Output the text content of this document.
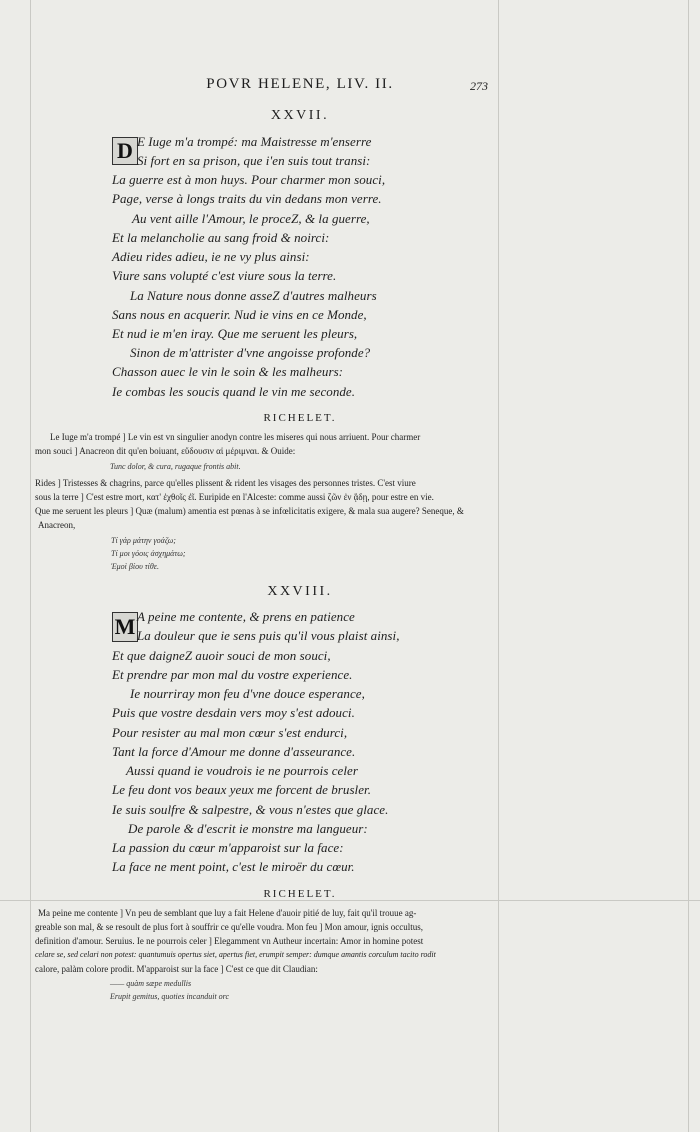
POVR HELENE, LIV. II.	273
XXVII.
D E Iuge m'a trompé: ma Maistresse m'enserre
Si fort en sa prison, que i'en suis tout transi:
La guerre est à mon huys. Pour charmer mon souci,
Page, verse à longs traits du vin dedans mon verre.
Au vent aille l'Amour, le proceZ, & la guerre,
Et la melancholie au sang froid & noirci:
Adieu rides adieu, ie ne vy plus ainsi:
Viure sans volupté c'est viure sous la terre.
La Nature nous donne asseZ d'autres malheurs
Sans nous en acquerir. Nud ie vins en ce Monde,
Et nud ie m'en iray. Que me seruent les pleurs,
Sinon de m'attrister d'vne angoisse profonde?
Chasson auec le vin le soin & les malheurs:
Ie combas les soucis quand le vin me seconde.
RICHELET.
Le Iuge m'a trompé ] Le vin est vn singulier anodyn contre les miseres qui nous arriuent. Pour charmer
mon souci ] Anacreon dit qu'en boiuant, εὕδουσιν αἱ μέριμναι. & Ouide:
Tunc dolor, & cura, rugaque frontis abit.
Rides ] Tristesses & chagrins, parce qu'elles plissent & rident les visages des personnes tristes. C'est viure
sous la terre ] C'est estre mort, κατ' ἐχθοῖς ἐῖ. Euripide en l'Alceste: comme aussi ζῶν ἐν ᾅδῃ, pour estre en vie.
Que me seruent les pleurs ] Quæ (malum) amentia est pœnas à se infœlicitatis exigere, & mala sua augere? Seneque, &
Anacreon,
Τί γάρ μάτην γοάζω;
Τί μοι γόοις ἀσχημάτω;
Ἐμοὶ βίου τίθε.
XXVIII.
M A peine me contente, & prens en patience
La douleur que ie sens puis qu'il vous plaist ainsi,
Et que daigneZ auoir souci de mon souci,
Et prendre par mon mal du vostre experience.
Ie nourriray mon feu d'vne douce esperance,
Puis que vostre desdain vers moy s'est adouci.
Pour resister au mal mon cœur s'est endurci,
Tant la force d'Amour me donne d'asseurance.
Aussi quand ie voudrois ie ne pourrois celer
Le feu dont vos beaux yeux me forcent de brusler.
Ie suis soulfre & salpestre, & vous n'estes que glace.
De parole & d'escrit ie monstre ma langueur:
La passion du cœur m'apparoist sur la face:
La face ne ment point, c'est le miroër du cœur.
RICHELET.
Ma peine me contente ] Vn peu de semblant que luy a fait Helene d'auoir pitié de luy, fait qu'il trouue ag-
greable son mal, & se resoult de plus fort à souffrir ce qu'elle voudra. Mon feu ] Mon amour, ignis occultus,
definition d'amour. Seruius. Ie ne pourrois celer ] Elegamment vn Autheur incertain: Amor in homine potest
celare se, sed celari non potest: quantumuis opertus siet, apertus fiet, erumpit semper: dumque amantis corculum tacito rodit
calore, palàm colore prodit. M'apparoist sur la face ] C'est ce que dit Claudian:
—— quàm sæpe medullis
Erupit gemitus, quoties incanduit orc
